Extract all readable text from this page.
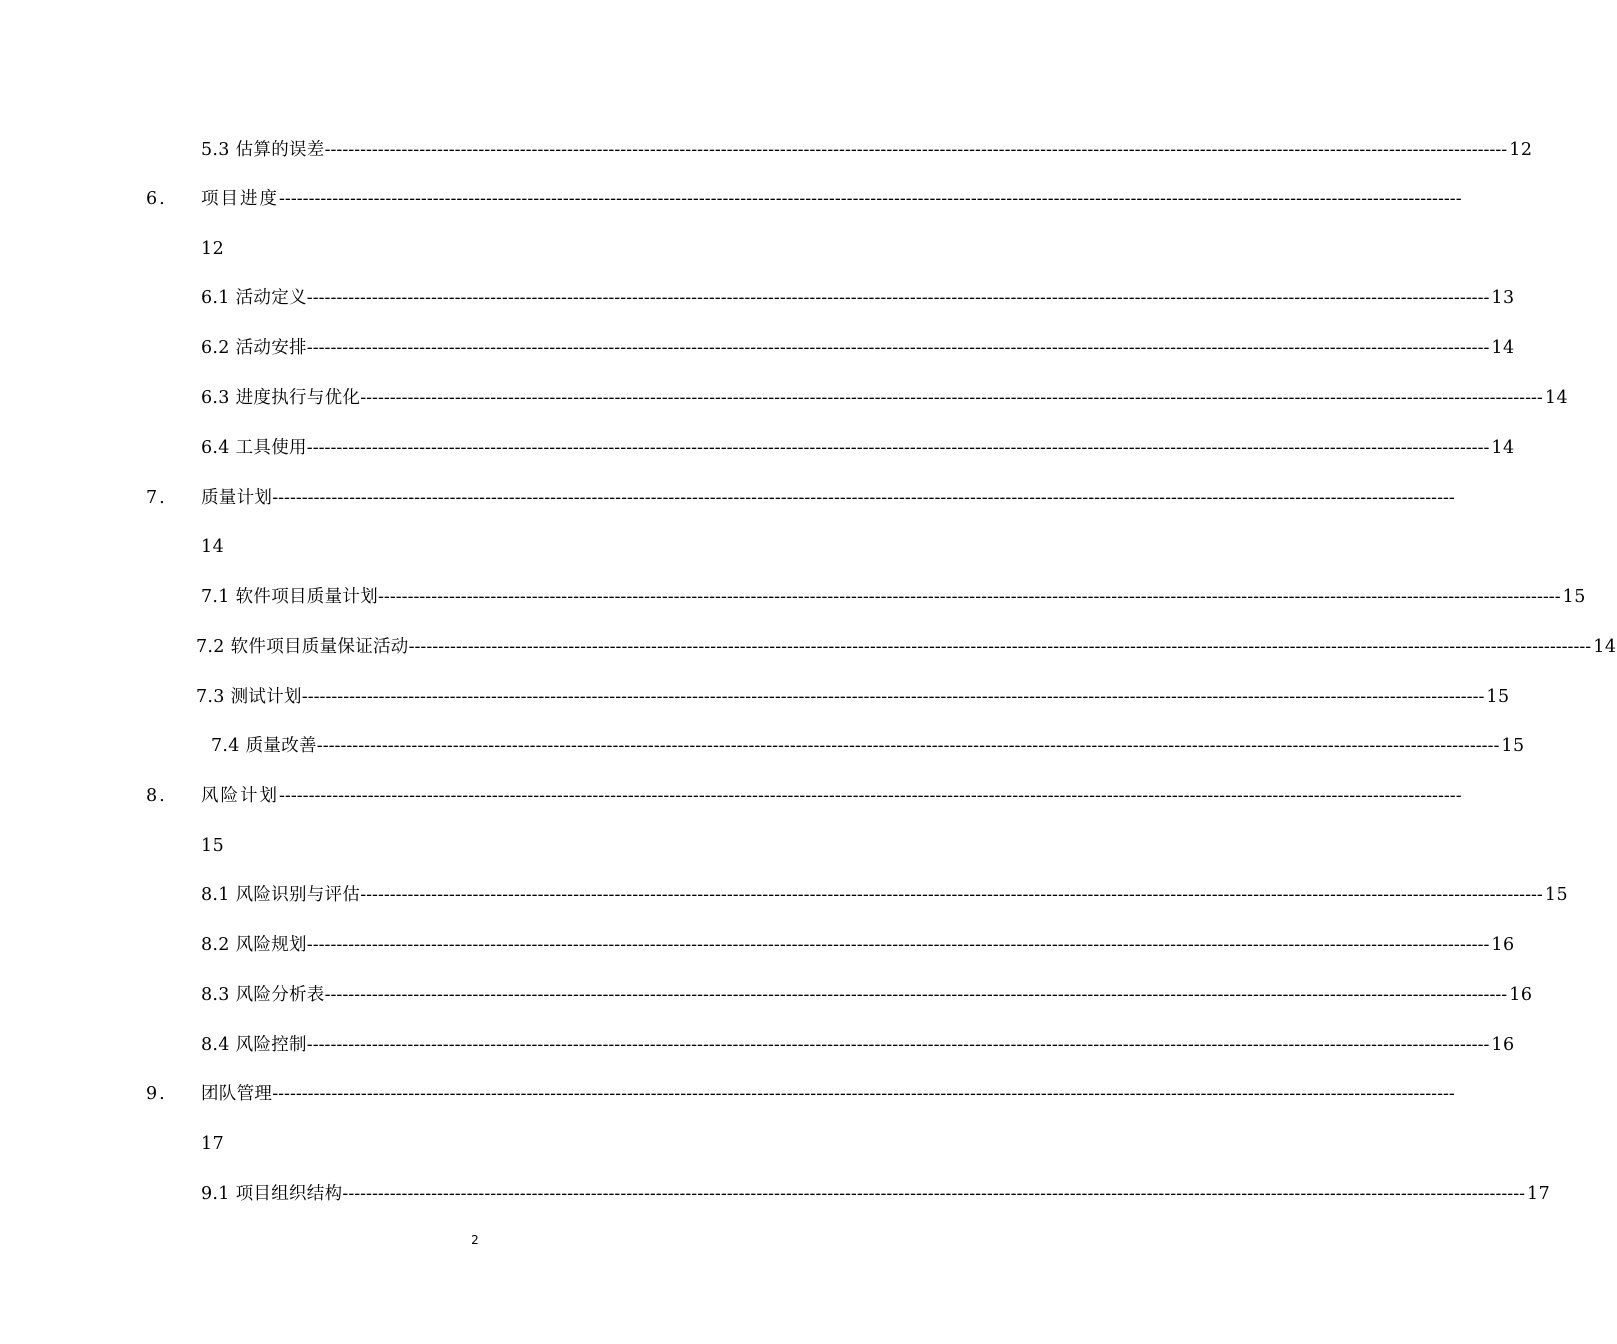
5.3 估算的误差 -------------------------------------------------------------------------------------------------------------------------------------------------------------------------------------------------------- 12
6. 项目进度 --------------------------------------------------------------------------------------------------------------------------------------------------------------------------------------------------------
12
6.1 活动定义 -------------------------------------------------------------------------------------------------------------------------------------------------------------------------------------------------------- 13
6.2 活动安排 -------------------------------------------------------------------------------------------------------------------------------------------------------------------------------------------------------- 14
6.3 进度执行与优化 -------------------------------------------------------------------------------------------------------------------------------------------------------------------------------------------------------- 14
6.4 工具使用 -------------------------------------------------------------------------------------------------------------------------------------------------------------------------------------------------------- 14
7. 质量计划 --------------------------------------------------------------------------------------------------------------------------------------------------------------------------------------------------------
14
7.1 软件项目质量计划 -------------------------------------------------------------------------------------------------------------------------------------------------------------------------------------------------------- 15
7.2 软件项目质量保证活动 -------------------------------------------------------------------------------------------------------------------------------------------------------------------------------------------------------- 14
7.3 测试计划 -------------------------------------------------------------------------------------------------------------------------------------------------------------------------------------------------------- 15
7.4 质量改善 -------------------------------------------------------------------------------------------------------------------------------------------------------------------------------------------------------- 15
8. 风险计划 --------------------------------------------------------------------------------------------------------------------------------------------------------------------------------------------------------
15
8.1 风险识别与评估 -------------------------------------------------------------------------------------------------------------------------------------------------------------------------------------------------------- 15
8.2 风险规划 -------------------------------------------------------------------------------------------------------------------------------------------------------------------------------------------------------- 16
8.3 风险分析表 -------------------------------------------------------------------------------------------------------------------------------------------------------------------------------------------------------- 16
8.4 风险控制 -------------------------------------------------------------------------------------------------------------------------------------------------------------------------------------------------------- 16
9. 团队管理 --------------------------------------------------------------------------------------------------------------------------------------------------------------------------------------------------------
17
9.1 项目组织结构 -------------------------------------------------------------------------------------------------------------------------------------------------------------------------------------------------------- 17
2
